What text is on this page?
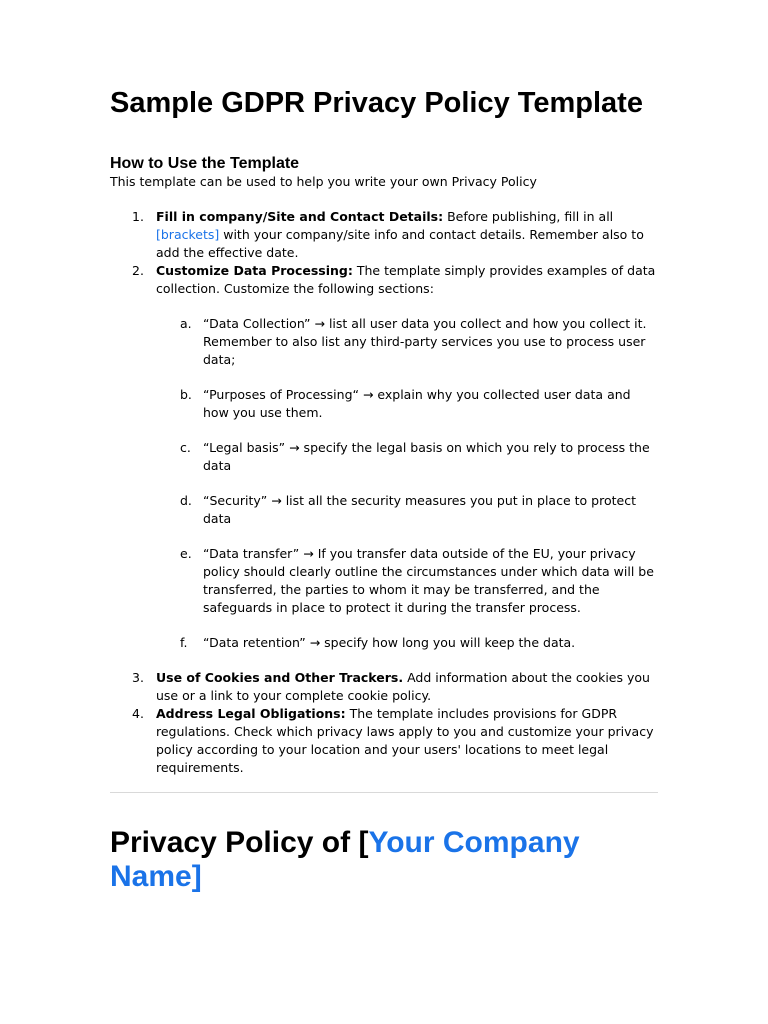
Sample GDPR Privacy Policy Template
How to Use the Template

This template can be used to help you write your own Privacy Policy

1. Fill in company/Site and Contact Details: Before publishing, fill in all [brackets] with your company/site info and contact details. Remember also to add the effective date.
2. Customize Data Processing: The template simply provides examples of data collection. Customize the following sections:
a. “Data Collection” → list all user data you collect and how you collect it. Remember to also list any third-party services you use to process user data;
b. “Purposes of Processing“ → explain why you collected user data and how you use them.
c. “Legal basis” → specify the legal basis on which you rely to process the data
d. “Security” → list all the security measures you put in place to protect data
e. “Data transfer” → If you transfer data outside of the EU, your privacy policy should clearly outline the circumstances under which data will be transferred, the parties to whom it may be transferred, and the safeguards in place to protect it during the transfer process.
f. “Data retention” → specify how long you will keep the data.
3. Use of Cookies and Other Trackers. Add information about the cookies you use or a link to your complete cookie policy.
4. Address Legal Obligations: The template includes provisions for GDPR regulations. Check which privacy laws apply to you and customize your privacy policy according to your location and your users' locations to meet legal requirements.
Privacy Policy of [Your Company Name]
